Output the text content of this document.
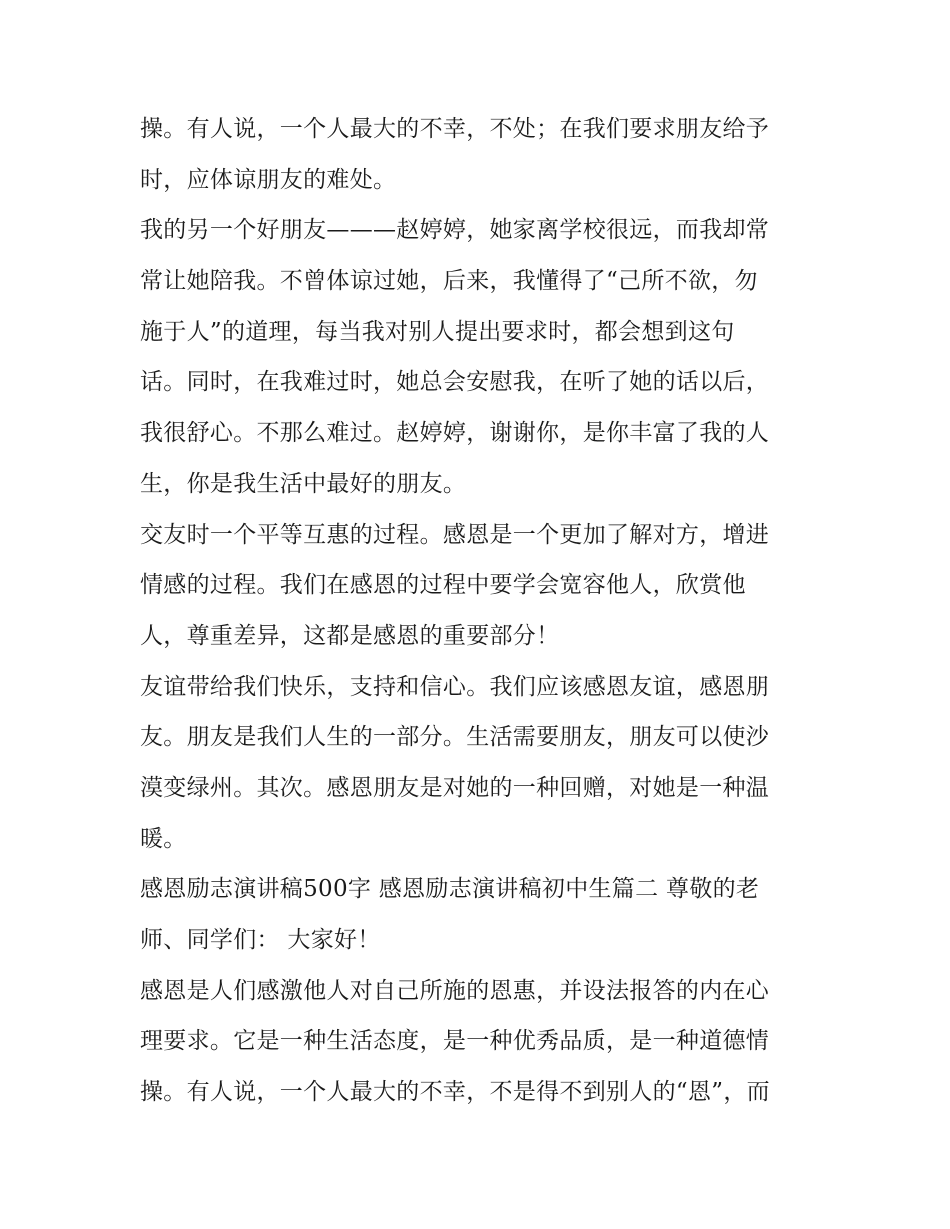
操。有人说，一个人最大的不幸，不处；在我们要求朋友给予
时，应体谅朋友的难处。
我的另一个好朋友———赵婷婷，她家离学校很远，而我却常
常让她陪我。不曾体谅过她，后来，我懂得了“己所不欲，勿
施于人”的道理，每当我对别人提出要求时，都会想到这句
话。同时，在我难过时，她总会安慰我，在听了她的话以后，
我很舒心。不那么难过。赵婷婷，谢谢你，是你丰富了我的人
生，你是我生活中最好的朋友。
交友时一个平等互惠的过程。感恩是一个更加了解对方，增进
情感的过程。我们在感恩的过程中要学会宽容他人，欣赏他
人，尊重差异，这都是感恩的重要部分！
友谊带给我们快乐，支持和信心。我们应该感恩友谊，感恩朋
友。朋友是我们人生的一部分。生活需要朋友，朋友可以使沙
漠变绿州。其次。感恩朋友是对她的一种回赠，对她是一种温
暖。
感恩励志演讲稿500字 感恩励志演讲稿初中生篇二 尊敬的老
师、同学们： 大家好！
感恩是人们感激他人对自己所施的恩惠，并设法报答的内在心
理要求。它是一种生活态度，是一种优秀品质，是一种道德情
操。有人说，一个人最大的不幸，不是得不到别人的“恩”，而
